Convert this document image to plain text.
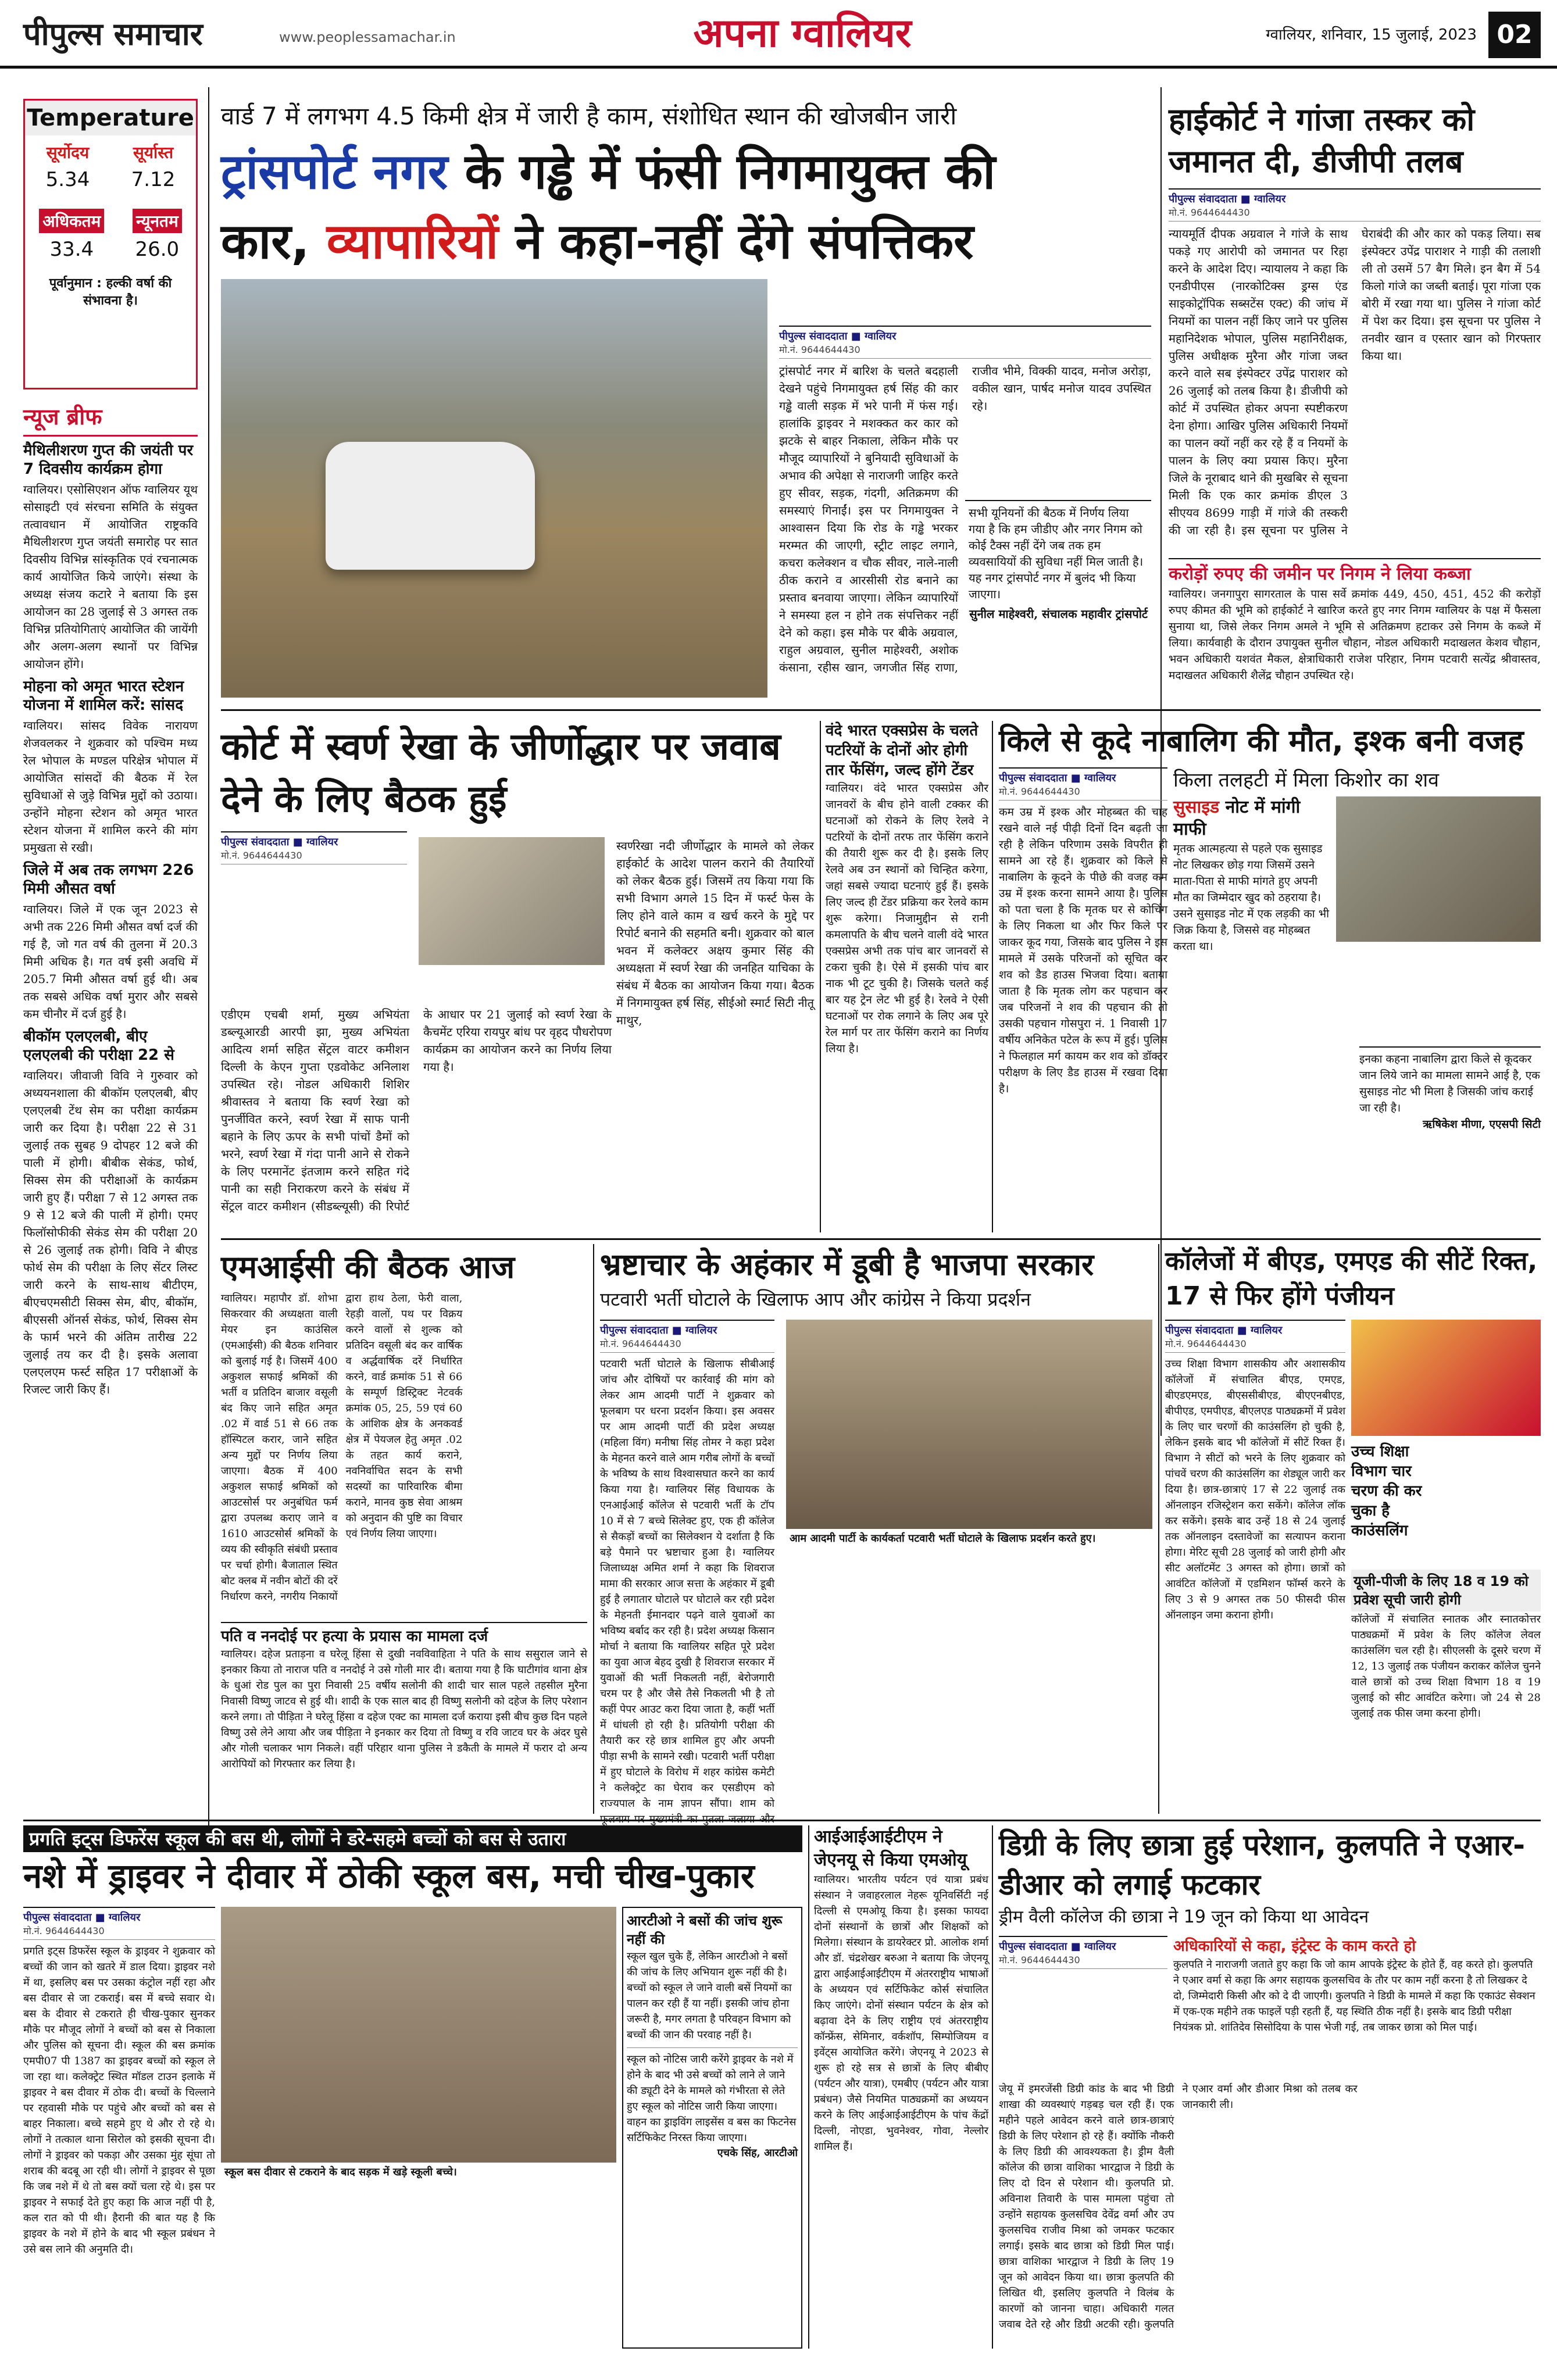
पीपुल्स समाचार	www.peoplessamachar.in	अपना ग्वालियर	ग्वालियर, शनिवार, 15 जुलाई, 2023 02
Temperature
सूर्योदय
5.34
सूर्यास्त
7.12
अधिकतम
33.4
न्यूनतम
26.0
पूर्वानुमान : हल्की वर्षा की संभावना है।
न्यूज ब्रीफ
मैथिलीशरण गुप्त की जयंती पर 7 दिवसीय कार्यक्रम होगा
ग्वालियर। एसोसिएशन ऑफ ग्वालियर यूथ सोसाइटी एवं संरचना समिति के संयुक्त तत्वावधान में आयोजित राष्ट्रकवि मैथिलीशरण गुप्त जयंती समारोह पर सात दिवसीय विभिन्न सांस्कृतिक एवं रचनात्मक कार्य आयोजित किये जाएंगे। संस्था के अध्यक्ष संजय कटारे ने बताया कि इस आयोजन का 28 जुलाई से 3 अगस्त तक विभिन्न प्रतियोगिताएं आयोजित की जायेंगी और अलग-अलग स्थानों पर विभिन्न आयोजन होंगे।
मोहना को अमृत भारत स्टेशन योजना में शामिल करें: सांसद
ग्वालियर। सांसद विवेक नारायण शेजवलकर ने शुक्रवार को पश्चिम मध्य रेल भोपाल के मण्डल परिक्षेत्र भोपाल में आयोजित सांसदों की बैठक में रेल सुविधाओं से जुड़े विभिन्न मुद्दों को उठाया। उन्होंने मोहना स्टेशन को अमृत भारत स्टेशन योजना में शामिल करने की मांग प्रमुखता से रखी।
जिले में अब तक लगभग 226 मिमी औसत वर्षा
ग्वालियर। जिले में एक जून 2023 से अभी तक 226 मिमी औसत वर्षा दर्ज की गई है, जो गत वर्ष की तुलना में 20.3 मिमी अधिक है। गत वर्ष इसी अवधि में 205.7 मिमी औसत वर्षा हुई थी। अब तक सबसे अधिक वर्षा मुरार और सबसे कम चीनौर में दर्ज हुई है।
बीकॉम एलएलबी, बीए एलएलबी की परीक्षा 22 से
ग्वालियर। जीवाजी विवि ने गुरुवार को अध्ययनशाला की बीकॉम एलएलबी, बीए एलएलबी टेंथ सेम का परीक्षा कार्यक्रम जारी कर दिया है। परीक्षा 22 से 31 जुलाई तक सुबह 9 दोपहर 12 बजे की पाली में होगी। बीबीक सेकंड, फोर्थ, सिक्स सेम की परीक्षाओं के कार्यक्रम जारी हुए हैं। परीक्षा 7 से 12 अगस्त तक 9 से 12 बजे की पाली में होगी। एमए फिलॉसोफीकी सेकंड सेम की परीक्षा 20 से 26 जुलाई तक होगी। विवि ने बीएड फोर्थ सेम की परीक्षा के लिए सेंटर लिस्ट जारी करने के साथ-साथ बीटीएम, बीएचएमसीटी सिक्स सेम, बीए, बीकॉम, बीएससी ऑनर्स सेकंड, फोर्थ, सिक्स सेम के फार्म भरने की अंतिम तारीख 22 जुलाई तय कर दी है। इसके अलावा एलएलएम फर्स्ट सहित 17 परीक्षाओं के रिजल्ट जारी किए हैं।
वार्ड 7 में लगभग 4.5 किमी क्षेत्र में जारी है काम, संशोधित स्थान की खोजबीन जारी
ट्रांसपोर्ट नगर के गड्ढे में फंसी निगमायुक्त की
कार, व्यापारियों ने कहा-नहीं देंगे संपत्तिकर
पीपुल्स संवाददाता ■ ग्वालियर
मो.नं. 9644644430
ट्रांसपोर्ट नगर में बारिश के चलते बदहाली देखने पहुंचे निगमायुक्त हर्ष सिंह की कार गड्ढे वाली सड़क में भरे पानी में फंस गई। हालांकि ड्राइवर ने मशक्कत कर कार को झटके से बाहर निकाला, लेकिन मौके पर मौजूद व्यापारियों ने बुनियादी सुविधाओं के अभाव की अपेक्षा से नाराजगी जाहिर करते हुए सीवर, सड़क, गंदगी, अतिक्रमण की समस्याएं गिनाईं। इस पर निगमायुक्त ने आश्वासन दिया कि रोड के गड्ढे भरकर मरम्मत की जाएगी, स्ट्रीट लाइट लगाने, कचरा कलेक्शन व चौक सीवर, नाले-नाली ठीक कराने व आरसीसी रोड बनाने का प्रस्ताव बनवाया जाएगा। लेकिन व्यापारियों ने समस्या हल न होने तक संपत्तिकर नहीं देने को कहा। इस मौके पर बीके अग्रवाल, राहुल अग्रवाल, सुनील माहेश्वरी, अशोक कंसाना, रहीस खान, जगजीत सिंह राणा, राजीव भीमे, विक्की यादव, मनोज अरोड़ा, वकील खान, पार्षद मनोज यादव उपस्थित रहे।
सभी यूनियनों की बैठक में निर्णय लिया गया है कि हम जीडीए और नगर निगम को कोई टैक्स नहीं देंगे जब तक हम व्यवसायियों की सुविधा नहीं मिल जाती है। यह नगर ट्रांसपोर्ट नगर में बुलंद भी किया जाएगा।
सुनील माहेश्वरी, संचालक महावीर ट्रांसपोर्ट
हाईकोर्ट ने गांजा तस्कर को जमानत दी, डीजीपी तलब
पीपुल्स संवाददाता ■ ग्वालियर
मो.नं. 9644644430
न्यायमूर्ति दीपक अग्रवाल ने गांजे के साथ पकड़े गए आरोपी को जमानत पर रिहा करने के आदेश दिए। न्यायालय ने कहा कि एनडीपीएस (नारकोटिक्स ड्रग्स एंड साइकोट्रॉपिक सब्सटेंस एक्ट) की जांच में नियमों का पालन नहीं किए जाने पर पुलिस महानिदेशक भोपाल, पुलिस महानिरीक्षक, पुलिस अधीक्षक मुरैना और गांजा जब्त करने वाले सब इंस्पेक्टर उपेंद्र पाराशर को 26 जुलाई को तलब किया है। डीजीपी को कोर्ट में उपस्थित होकर अपना स्पष्टीकरण देना होगा। आखिर पुलिस अधिकारी नियमों का पालन क्यों नहीं कर रहे हैं व नियमों के पालन के लिए क्या प्रयास किए। मुरैना जिले के नूराबाद थाने की मुखबिर से सूचना मिली कि एक कार क्रमांक डीएल 3 सीएयव 8699 गाड़ी में गांजे की तस्करी की जा रही है। इस सूचना पर पुलिस ने घेराबंदी की और कार को पकड़ लिया। सब इंस्पेक्टर उपेंद्र पाराशर ने गाड़ी की तलाशी ली तो उसमें 57 बैग मिले। इन बैग में 54 किलो गांजे का जब्ती बताई। पूरा गांजा एक बोरी में रखा गया था। पुलिस ने गांजा कोर्ट में पेश कर दिया। इस सूचना पर पुलिस ने तनवीर खान व एस्तार खान को गिरफ्तार किया था।
करोड़ों रुपए की जमीन पर निगम ने लिया कब्जा
ग्वालियर। जनगापुरा सागरताल के पास सर्वे क्रमांक 449, 450, 451, 452 की करोड़ों रुपए कीमत की भूमि को हाईकोर्ट ने खारिज करते हुए नगर निगम ग्वालियर के पक्ष में फैसला सुनाया था, जिसे लेकर निगम अमले ने भूमि से अतिक्रमण हटाकर उसे निगम के कब्जे में लिया। कार्यवाही के दौरान उपायुक्त सुनील चौहान, नोडल अधिकारी मदाखलत केशव चौहान, भवन अधिकारी यशवंत मैकल, क्षेत्राधिकारी राजेश परिहार, निगम पटवारी सत्येंद्र श्रीवास्तव, मदाखलत अधिकारी शैलेंद्र चौहान उपस्थित रहे।
कोर्ट में स्वर्ण रेखा के जीर्णोद्धार पर जवाब देने के लिए बैठक हुई
पीपुल्स संवाददाता ■ ग्वालियर
मो.नं. 9644644430
स्वर्णरेखा नदी जीर्णोद्धार के मामले को लेकर हाईकोर्ट के आदेश पालन कराने की तैयारियों को लेकर बैठक हुई। जिसमें तय किया गया कि सभी विभाग अगले 15 दिन में फर्स्ट फेस के लिए होने वाले काम व खर्च करने के मुद्दे पर रिपोर्ट बनाने की सहमति बनी। शुक्रवार को बाल भवन में कलेक्टर अक्षय कुमार सिंह की अध्यक्षता में स्वर्ण रेखा की जनहित याचिका के संबंध में बैठक का आयोजन किया गया। बैठक में निगमायुक्त हर्ष सिंह, सीईओ स्मार्ट सिटी नीतू माथुर,
एडीएम एचबी शर्मा, मुख्य अभियंता डब्ल्यूआरडी आरपी झा, मुख्य अभियंता आदित्य शर्मा सहित सेंट्रल वाटर कमीशन दिल्ली के केएन गुप्ता एडवोकेट अनिलाश उपस्थित रहे। नोडल अधिकारी शिशिर श्रीवास्तव ने बताया कि स्वर्ण रेखा को पुनर्जीवित करने, स्वर्ण रेखा में साफ पानी बहाने के लिए ऊपर के सभी पांचों डैमों को भरने, स्वर्ण रेखा में गंदा पानी आने से रोकने के लिए परमानेंट इंतजाम करने सहित गंदे पानी का सही निराकरण करने के संबंध में सेंट्रल वाटर कमीशन (सीडब्ल्यूसी) की रिपोर्ट के आधार पर 21 जुलाई को स्वर्ण रेखा के कैचमेंट एरिया रायपुर बांध पर वृहद पौधरोपण कार्यक्रम का आयोजन करने का निर्णय लिया गया है।
वंदे भारत एक्सप्रेस के चलते पटरियों के दोनों ओर होगी तार फेंसिंग, जल्द होंगे टेंडर
ग्वालियर। वंदे भारत एक्सप्रेस और जानवरों के बीच होने वाली टक्कर की घटनाओं को रोकने के लिए रेलवे ने पटरियों के दोनों तरफ तार फेंसिंग कराने की तैयारी शुरू कर दी है। इसके लिए रेलवे अब उन स्थानों को चिन्हित करेगा, जहां सबसे ज्यादा घटनाएं हुई हैं। इसके लिए जल्द ही टेंडर प्रक्रिया कर रेलवे काम शुरू करेगा। निजामुद्दीन से रानी कमलापति के बीच चलने वाली वंदे भारत एक्सप्रेस अभी तक पांच बार जानवरों से टकरा चुकी है। ऐसे में इसकी पांच बार नाक भी टूट चुकी है। जिसके चलते कई बार यह ट्रेन लेट भी हुई है। रेलवे ने ऐसी घटनाओं पर रोक लगाने के लिए अब पूरे रेल मार्ग पर तार फेंसिंग कराने का निर्णय लिया है।
किले से कूदे नाबालिग की मौत, इश्क बनी वजह
किला तलहटी में मिला किशोर का शव
पीपुल्स संवाददाता ■ ग्वालियर
मो.नं. 9644644430
कम उम्र में इश्क और मोहब्बत की चाह रखने वाले नई पीढ़ी दिनों दिन बढ़ती जा रही है लेकिन परिणाम उसके विपरीत ही सामने आ रहे हैं। शुक्रवार को किले से नाबालिग के कूदने के पीछे की वजह कम उम्र में इश्क करना सामने आया है। पुलिस को पता चला है कि मृतक घर से कोचिंग के लिए निकला था और फिर किले पर जाकर कूद गया, जिसके बाद पुलिस ने इस मामले में उसके परिजनों को सूचित कर शव को डैड हाउस भिजवा दिया। बताया जाता है कि मृतक लोग कर पहचान कर जब परिजनों ने शव की पहचान की तो उसकी पहचान गोसपुरा नं. 1 निवासी 17 वर्षीय अनिकेत पटेल के रूप में हुई। पुलिस ने फिलहाल मर्ग कायम कर शव को डॉक्टर परीक्षण के लिए डैड हाउस में रखवा दिया है।
सुसाइड नोट में मांगी माफी
मृतक आत्महत्या से पहले एक सुसाइड नोट लिखकर छोड़ गया जिसमें उसने माता-पिता से माफी मांगते हुए अपनी मौत का जिम्मेदार खुद को ठहराया है। उसने सुसाइड नोट में एक लड़की का भी जिक्र किया है, जिससे वह मोहब्बत करता था।
इनका कहना नाबालिग द्वारा किले से कूदकर जान लिये जाने का मामला सामने आई है, एक सुसाइड नोट भी मिला है जिसकी जांच कराई जा रही है।
ऋषिकेश मीणा, एएसपी सिटी
एमआईसी की बैठक आज
ग्वालियर। महापौर डॉ. शोभा सिकरवार की अध्यक्षता वाली मेयर इन काउंसिल (एमआईसी) की बैठक शनिवार को बुलाई गई है। जिसमें 400 अकुशल सफाई श्रमिकों की भर्ती व प्रतिदिन बाजार वसूली बंद किए जाने सहित अमृत .02 में वार्ड 51 से 66 तक हॉस्पिटल करार, जाने सहित अन्य मुद्दों पर निर्णय लिया जाएगा। बैठक में 400 अकुशल सफाई श्रमिकों को आउटसोर्स पर अनुबंधित फर्म द्वारा उपलब्ध कराए जाने व 1610 आउटसोर्स श्रमिकों के व्यय की स्वीकृति संबंधी प्रस्ताव पर चर्चा होगी। बैजाताल स्थित बोट क्लब में नवीन बोटों की दरें निर्धारण करने, नगरीय निकायों द्वारा हाथ ठेला, फेरी वाला, रेहड़ी वालों, पथ पर विक्रय करने वालों से शुल्क को प्रतिदिन वसूली बंद कर वार्षिक व अर्द्धवार्षिक दरें निर्धारित करने, वार्ड क्रमांक 51 से 66 के सम्पूर्ण डिस्ट्रिक्ट नेटवर्क क्रमांक 05, 25, 59 एवं 60 के आंशिक क्षेत्र के अनकवर्ड क्षेत्र में पेयजल हेतु अमृत .02 के तहत कार्य कराने, नवनिर्वाचित सदन के सभी सदस्यों का पारिवारिक बीमा कराने, मानव कुष्ठ सेवा आश्रम को अनुदान की पुष्टि का विचार एवं निर्णय लिया जाएगा।
पति व ननदोई पर हत्या के प्रयास का मामला दर्ज
ग्वालियर। दहेज प्रताड़ना व घरेलू हिंसा से दुखी नवविवाहिता ने पति के साथ ससुराल जाने से इनकार किया तो नाराज पति व ननदोई ने उसे गोली मार दी। बताया गया है कि घाटीगांव थाना क्षेत्र के धुआं रोड पुल का पुरा निवासी 25 वर्षीय सलोनी की शादी चार साल पहले तहसील मुरैना निवासी विष्णु जाटव से हुई थी। शादी के एक साल बाद ही विष्णु सलोनी को दहेज के लिए परेशान करने लगा। तो पीड़िता ने घरेलू हिंसा व दहेज एक्ट का मामला दर्ज कराया इसी बीच कुछ दिन पहले विष्णु उसे लेने आया और जब पीड़िता ने इनकार कर दिया तो विष्णु व रवि जाटव घर के अंदर घुसे और गोली चलाकर भाग निकले। वहीं परिहार थाना पुलिस ने डकैती के मामले में फरार दो अन्य आरोपियों को गिरफ्तार कर लिया है।
भ्रष्टाचार के अहंकार में डूबी है भाजपा सरकार
पटवारी भर्ती घोटाले के खिलाफ आप और कांग्रेस ने किया प्रदर्शन
पीपुल्स संवाददाता ■ ग्वालियर
मो.नं. 9644644430
पटवारी भर्ती घोटाले के खिलाफ सीबीआई जांच और दोषियों पर कार्रवाई की मांग को लेकर आम आदमी पार्टी ने शुक्रवार को फूलबाग पर धरना प्रदर्शन किया। इस अवसर पर आम आदमी पार्टी की प्रदेश अध्यक्ष (महिला विंग) मनीषा सिंह तोमर ने कहा प्रदेश के मेहनत करने वाले आम गरीब लोगों के बच्चों के भविष्य के साथ विश्वासघात करने का कार्य किया गया है। ग्वालियर सिंह विधायक के एनआईआई कॉलेज से पटवारी भर्ती के टॉप 10 में से 7 बच्चे सिलेक्ट हुए, एक ही कॉलेज से सैकड़ों बच्चों का सिलेक्शन ये दर्शाता है कि बड़े पैमाने पर भ्रष्टाचार हुआ है। ग्वालियर जिलाध्यक्ष अमित शर्मा ने कहा कि शिवराज मामा की सरकार आज सत्ता के अहंकार में डूबी हुई है लगातार घोटाले पर घोटाले कर रही प्रदेश के मेहनती ईमानदार पढ़ने वाले युवाओं का भविष्य बर्बाद कर रही है। प्रदेश अध्यक्ष किसान मोर्चा ने बताया कि ग्वालियर सहित पूरे प्रदेश का युवा आज बेहद दुखी है शिवराज सरकार में युवाओं की भर्ती निकलती नहीं, बेरोजगारी चरम पर है और जैसे तैसे निकलती भी है तो कहीं पेपर आउट करा दिया जाता है, कहीं भर्ती में धांधली हो रही है। प्रतियोगी परीक्षा की तैयारी कर रहे छात्र शामिल हुए और अपनी पीड़ा सभी के सामने रखी। पटवारी भर्ती परीक्षा में हुए घोटाले के विरोध में शहर कांग्रेस कमेटी ने कलेक्ट्रेट का घेराव कर एसडीएम को राज्यपाल के नाम ज्ञापन सौंपा। शाम को
आम आदमी पार्टी के कार्यकर्ता पटवारी भर्ती घोटाले के खिलाफ प्रदर्शन करते हुए।
कॉलेजों में बीएड, एमएड की सीटें रिक्त, 17 से फिर होंगे पंजीयन
पीपुल्स संवाददाता ■ ग्वालियर
मो.नं. 9644644430
उच्च शिक्षा विभाग शासकीय और अशासकीय कॉलेजों में संचालित बीएड, एमएड, बीएडएमएड, बीएससीबीएड, बीएएनबीएड, बीपीएड, एमपीएड, बीएलएड पाठ्यक्रमों में प्रवेश के लिए चार चरणों की काउंसलिंग हो चुकी है, लेकिन इसके बाद भी कॉलेजों में सीटें रिक्त हैं। विभाग ने सीटों को भरने के लिए शुक्रवार को पांचवें चरण की काउंसलिंग का शेड्यूल जारी कर दिया है। छात्र-छात्राएं 17 से 22 जुलाई तक ऑनलाइन रजिस्ट्रेशन करा सकेंगे। कॉलेज लॉक कर सकेंगे। इसके बाद उन्हें 18 से 24 जुलाई तक ऑनलाइन दस्तावेजों का सत्यापन कराना होगा। मेरिट सूची 28 जुलाई को जारी होगी और सीट अलॉटमेंट 3 अगस्त को होगा। छात्रों को आवंटित कॉलेजों में एडमिशन फॉर्म्स करने के लिए 3 से 9 अगस्त तक 50 फीसदी फीस ऑनलाइन जमा कराना होगी।
उच्च शिक्षा विभाग चार चरण की कर चुका है काउंसलिंग
यूजी-पीजी के लिए 18 व 19 को प्रवेश सूची जारी होगी
कॉलेजों में संचालित स्नातक और स्नातकोत्तर पाठ्यक्रमों में प्रवेश के लिए कॉलेज लेवल काउंसलिंग चल रही है। सीएलसी के दूसरे चरण में 12, 13 जुलाई तक पंजीयन कराकर कॉलेज चुनने वाले छात्रों को उच्च शिक्षा विभाग 18 व 19 जुलाई को सीट आवंटित करेगा। जो 24 से 28 जुलाई तक फीस जमा करना होगी।
प्रगति इट्स डिफरेंस स्कूल की बस थी, लोगों ने डरे-सहमे बच्चों को बस से उतारा
नशे में ड्राइवर ने दीवार में ठोकी स्कूल बस, मची चीख-पुकार
पीपुल्स संवाददाता ■ ग्वालियर
मो.नं. 9644644430
प्रगति इट्स डिफरेंस स्कूल के ड्राइवर ने शुक्रवार को बच्चों की जान को खतरे में डाल दिया। ड्राइवर नशे में था, इसलिए बस पर उसका कंट्रोल नहीं रहा और बस दीवार से जा टकराई। बस में बच्चे सवार थे। बस के दीवार से टकराते ही चीख-पुकार सुनकर मौके पर मौजूद लोगों ने बच्चों को बस से निकाला और पुलिस को सूचना दी। स्कूल की बस क्रमांक एमपी07 पी 1387 का ड्राइवर बच्चों को स्कूल ले जा रहा था। कलेक्ट्रेट स्थित मॉडल टाउन इलाके में ड्राइवर ने बस दीवार में ठोक दी। बच्चों के चिल्लाने पर रहवासी मौके पर पहुंचे और बच्चों को बस से बाहर निकाला। बच्चे सहमे हुए थे और रो रहे थे। लोगों ने तत्काल थाना सिरोल को इसकी सूचना दी। लोगों ने ड्राइवर को पकड़ा और उसका मुंह सूंघा तो शराब की बदबू आ रही थी। लोगों ने ड्राइवर से पूछा कि जब नशे में थे तो बस क्यों चला रहे थे। इस पर ड्राइवर ने सफाई देते हुए कहा कि आज नहीं पी है, कल रात को पी थी। हैरानी की बात यह है कि ड्राइवर के नशे में होने के बाद भी स्कूल प्रबंधन ने उसे बस लाने की अनुमति दी।
स्कूल बस दीवार से टकराने के बाद सड़क में खड़े स्कूली बच्चे।
आरटीओ ने बसों की जांच शुरू नहीं की
स्कूल खुल चुके हैं, लेकिन आरटीओ ने बसों की जांच के लिए अभियान शुरू नहीं की है। बच्चों को स्कूल ले जाने वाली बसें नियमों का पालन कर रही हैं या नहीं। इसकी जांच होना जरूरी है, मगर लगता है परिवहन विभाग को बच्चों की जान की परवाह नहीं है।
स्कूल को नोटिस जारी करेंगे ड्राइवर के नशे में होने के बाद भी उसे बच्चों को लाने ले जाने की ड्यूटी देने के मामले को गंभीरता से लेते हुए स्कूल को नोटिस जारी किया जाएगा। वाहन का ड्राइविंग लाइसेंस व बस का फिटनेस सर्टिफिकेट निरस्त किया जाएगा।
एचके सिंह, आरटीओ
आईआईआईटीएम ने जेएनयू से किया एमओयू
ग्वालियर। भारतीय पर्यटन एवं यात्रा प्रबंध संस्थान ने जवाहरलाल नेहरू यूनिवर्सिटी नई दिल्ली से एमओयू किया है। इसका फायदा दोनों संस्थानों के छात्रों और शिक्षकों को मिलेगा। संस्थान के डायरेक्टर प्रो. आलोक शर्मा और डॉ. चंद्रशेखर बरुआ ने बताया कि जेएनयू द्वारा आईआईआईटीएम में अंतरराष्ट्रीय भाषाओं के अध्ययन एवं सर्टिफिकेट कोर्स संचालित किए जाएंगे। दोनों संस्थान पर्यटन के क्षेत्र को बढ़ावा देने के लिए राष्ट्रीय एवं अंतरराष्ट्रीय कॉन्फ्रेंस, सेमिनार, वर्कशॉप, सिम्पोजियम व इवेंट्स आयोजित करेंगे। जेएनयू ने 2023 से शुरू हो रहे सत्र से छात्रों के लिए बीबीए (पर्यटन और यात्रा), एमबीए (पर्यटन और यात्रा प्रबंधन) जैसे नियमित पाठ्यक्रमों का अध्ययन करने के लिए आईआईआईटीएम के पांच केंद्रों दिल्ली, नोएडा, भुवनेश्वर, गोवा, नेल्लोर शामिल हैं।
डिग्री के लिए छात्रा हुई परेशान, कुलपति ने एआर-डीआर को लगाई फटकार
ड्रीम वैली कॉलेज की छात्रा ने 19 जून को किया था आवेदन
अधिकारियों से कहा, इंट्रेस्ट के काम करते हो
कुलपति ने नाराजगी जताते हुए कहा कि जो काम आपके इंट्रेस्ट के होते हैं, वह करते हो। कुलपति ने एआर वर्मा से कहा कि अगर सहायक कुलसचिव के तौर पर काम नहीं करना है तो लिखकर दे दो, जिम्मेदारी किसी और को दे दी जाएगी। कुलपति ने डिग्री के मामले में कहा कि एकाउंट सेक्शन में एक-एक महीने तक फाइलें पड़ी रहती हैं, यह स्थिति ठीक नहीं है। इसके बाद डिग्री परीक्षा नियंत्रक प्रो. शांतिदेव सिसोदिया के पास भेजी गई, तब जाकर छात्रा को मिल पाई।
पीपुल्स संवाददाता ■ ग्वालियर
मो.नं. 9644644430
जेयू में इमरजेंसी डिग्री कांड के बाद भी डिग्री शाखा की व्यवस्थाएं गड़बड़ चल रही हैं। एक महीने पहले आवेदन करने वाले छात्र-छात्राएं डिग्री के लिए परेशान हो रहे हैं। क्योंकि नौकरी के लिए डिग्री की आवश्यकता है। ड्रीम वैली कॉलेज की छात्रा वाशिका भारद्वाज ने डिग्री के लिए दो दिन से परेशान थी। कुलपति प्रो. अविनाश तिवारी के पास मामला पहुंचा तो उन्होंने सहायक कुलसचिव देवेंद्र वर्मा और उप कुलसचिव राजीव मिश्रा को जमकर फटकार लगाई। इसके बाद छात्रा को डिग्री मिल पाई। छात्रा वाशिका भारद्वाज ने डिग्री के लिए 19 जून को आवेदन किया था। छात्रा कुलपति की लिखित थी, इसलिए कुलपति ने विलंब के कारणों को जानना चाहा। अधिकारी गलत जवाब देते रहे और डिग्री अटकी रही। कुलपति ने एआर वर्मा और डीआर मिश्रा को तलब कर जानकारी ली।
